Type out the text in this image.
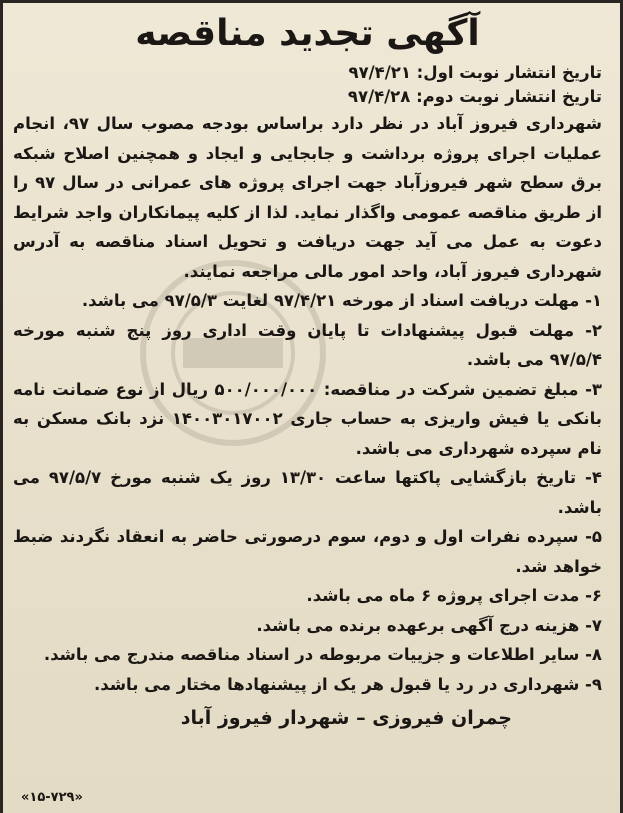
آگهی تجدید مناقصه
تاریخ انتشار نوبت اول: ۹۷/۴/۲۱
تاریخ انتشار نوبت دوم: ۹۷/۴/۲۸

شهرداری فیروز آباد در نظر دارد براساس بودجه مصوب سال ۹۷، انجام عملیات اجرای پروژه برداشت و جابجایی و ایجاد و همچنین اصلاح شبکه برق سطح شهر فیروزآباد جهت اجرای پروژه های عمرانی در سال ۹۷ را از طریق مناقصه عمومی واگذار نماید. لذا از کلیه پیمانکاران واجد شرایط دعوت به عمل می آید جهت دریافت و تحویل اسناد مناقصه به آدرس شهرداری فیروز آباد، واحد امور مالی مراجعه نمایند.

۱- مهلت دریافت اسناد از مورخه ۹۷/۴/۲۱ لغایت ۹۷/۵/۳ می باشد.

۲- مهلت قبول پیشنهادات تا پایان وقت اداری روز پنج شنبه مورخه ۹۷/۵/۴ می باشد.

۳- مبلغ تضمین شرکت در مناقصه: ۵۰۰/۰۰۰/۰۰۰ ریال از نوع ضمانت نامه بانکی یا فیش واریزی به حساب جاری ۱۴۰۰۳۰۱۷۰۰۲ نزد بانک مسکن به نام سپرده شهرداری می باشد.

۴- تاریخ بازگشایی پاکتها ساعت ۱۳/۳۰ روز یک شنبه مورخ ۹۷/۵/۷ می باشد.

۵- سپرده نفرات اول و دوم، سوم درصورتی حاضر به انعقاد نگردند ضبط خواهد شد.

۶- مدت اجرای پروژه ۶ ماه می باشد.

۷- هزینه درج آگهی برعهده برنده می باشد.

۸- سایر اطلاعات و جزییات مربوطه در اسناد مناقصه مندرج می باشد.

۹- شهرداری در رد یا قبول هر یک از پیشنهادها مختار می باشد.

چمران فیروزی – شهردار فیروز آباد
«۱۵-۷۲۹»
